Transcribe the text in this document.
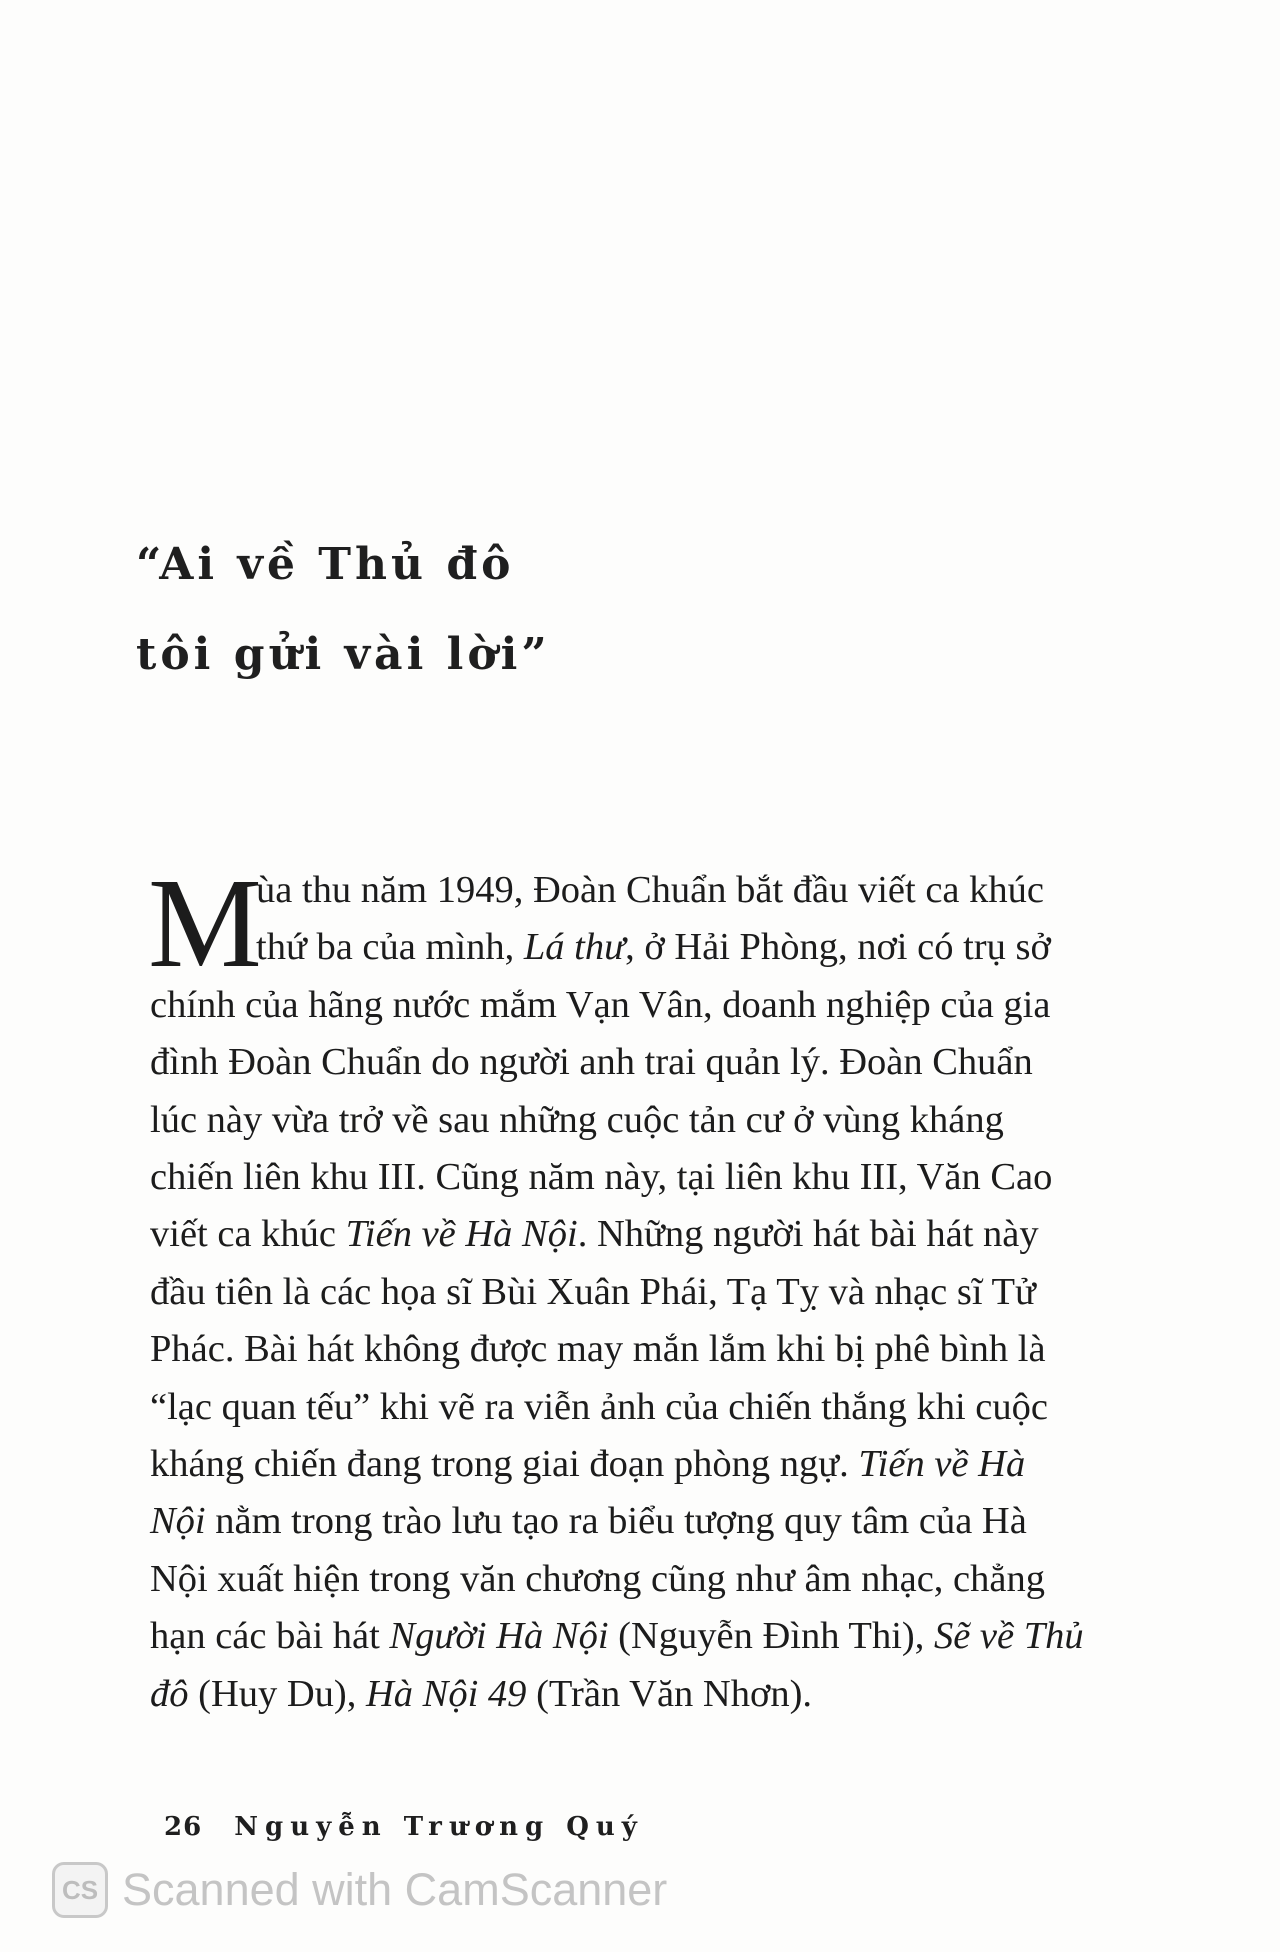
“Ai về Thủ đô
tôi gửi vài lời”
M

ùa thu năm 1949, Đoàn Chuẩn bắt đầu viết ca khúc
thứ ba của mình, Lá thư, ở Hải Phòng, nơi có trụ sở
chính của hãng nước mắm Vạn Vân, doanh nghiệp của gia
đình Đoàn Chuẩn do người anh trai quản lý. Đoàn Chuẩn
lúc này vừa trở về sau những cuộc tản cư ở vùng kháng
chiến liên khu III. Cũng năm này, tại liên khu III, Văn Cao
viết ca khúc Tiến về Hà Nội. Những người hát bài hát này
đầu tiên là các họa sĩ Bùi Xuân Phái, Tạ Tỵ và nhạc sĩ Tử
Phác. Bài hát không được may mắn lắm khi bị phê bình là
“lạc quan tếu” khi vẽ ra viễn ảnh của chiến thắng khi cuộc
kháng chiến đang trong giai đoạn phòng ngự. Tiến về Hà
Nội nằm trong trào lưu tạo ra biểu tượng quy tâm của Hà
Nội xuất hiện trong văn chương cũng như âm nhạc, chẳng
hạn các bài hát Người Hà Nội (Nguyễn Đình Thi), Sẽ về Thủ
đô (Huy Du), Hà Nội 49 (Trần Văn Nhơn).

26 Nguyễn Trương Quý
CS Scanned with CamScanner
